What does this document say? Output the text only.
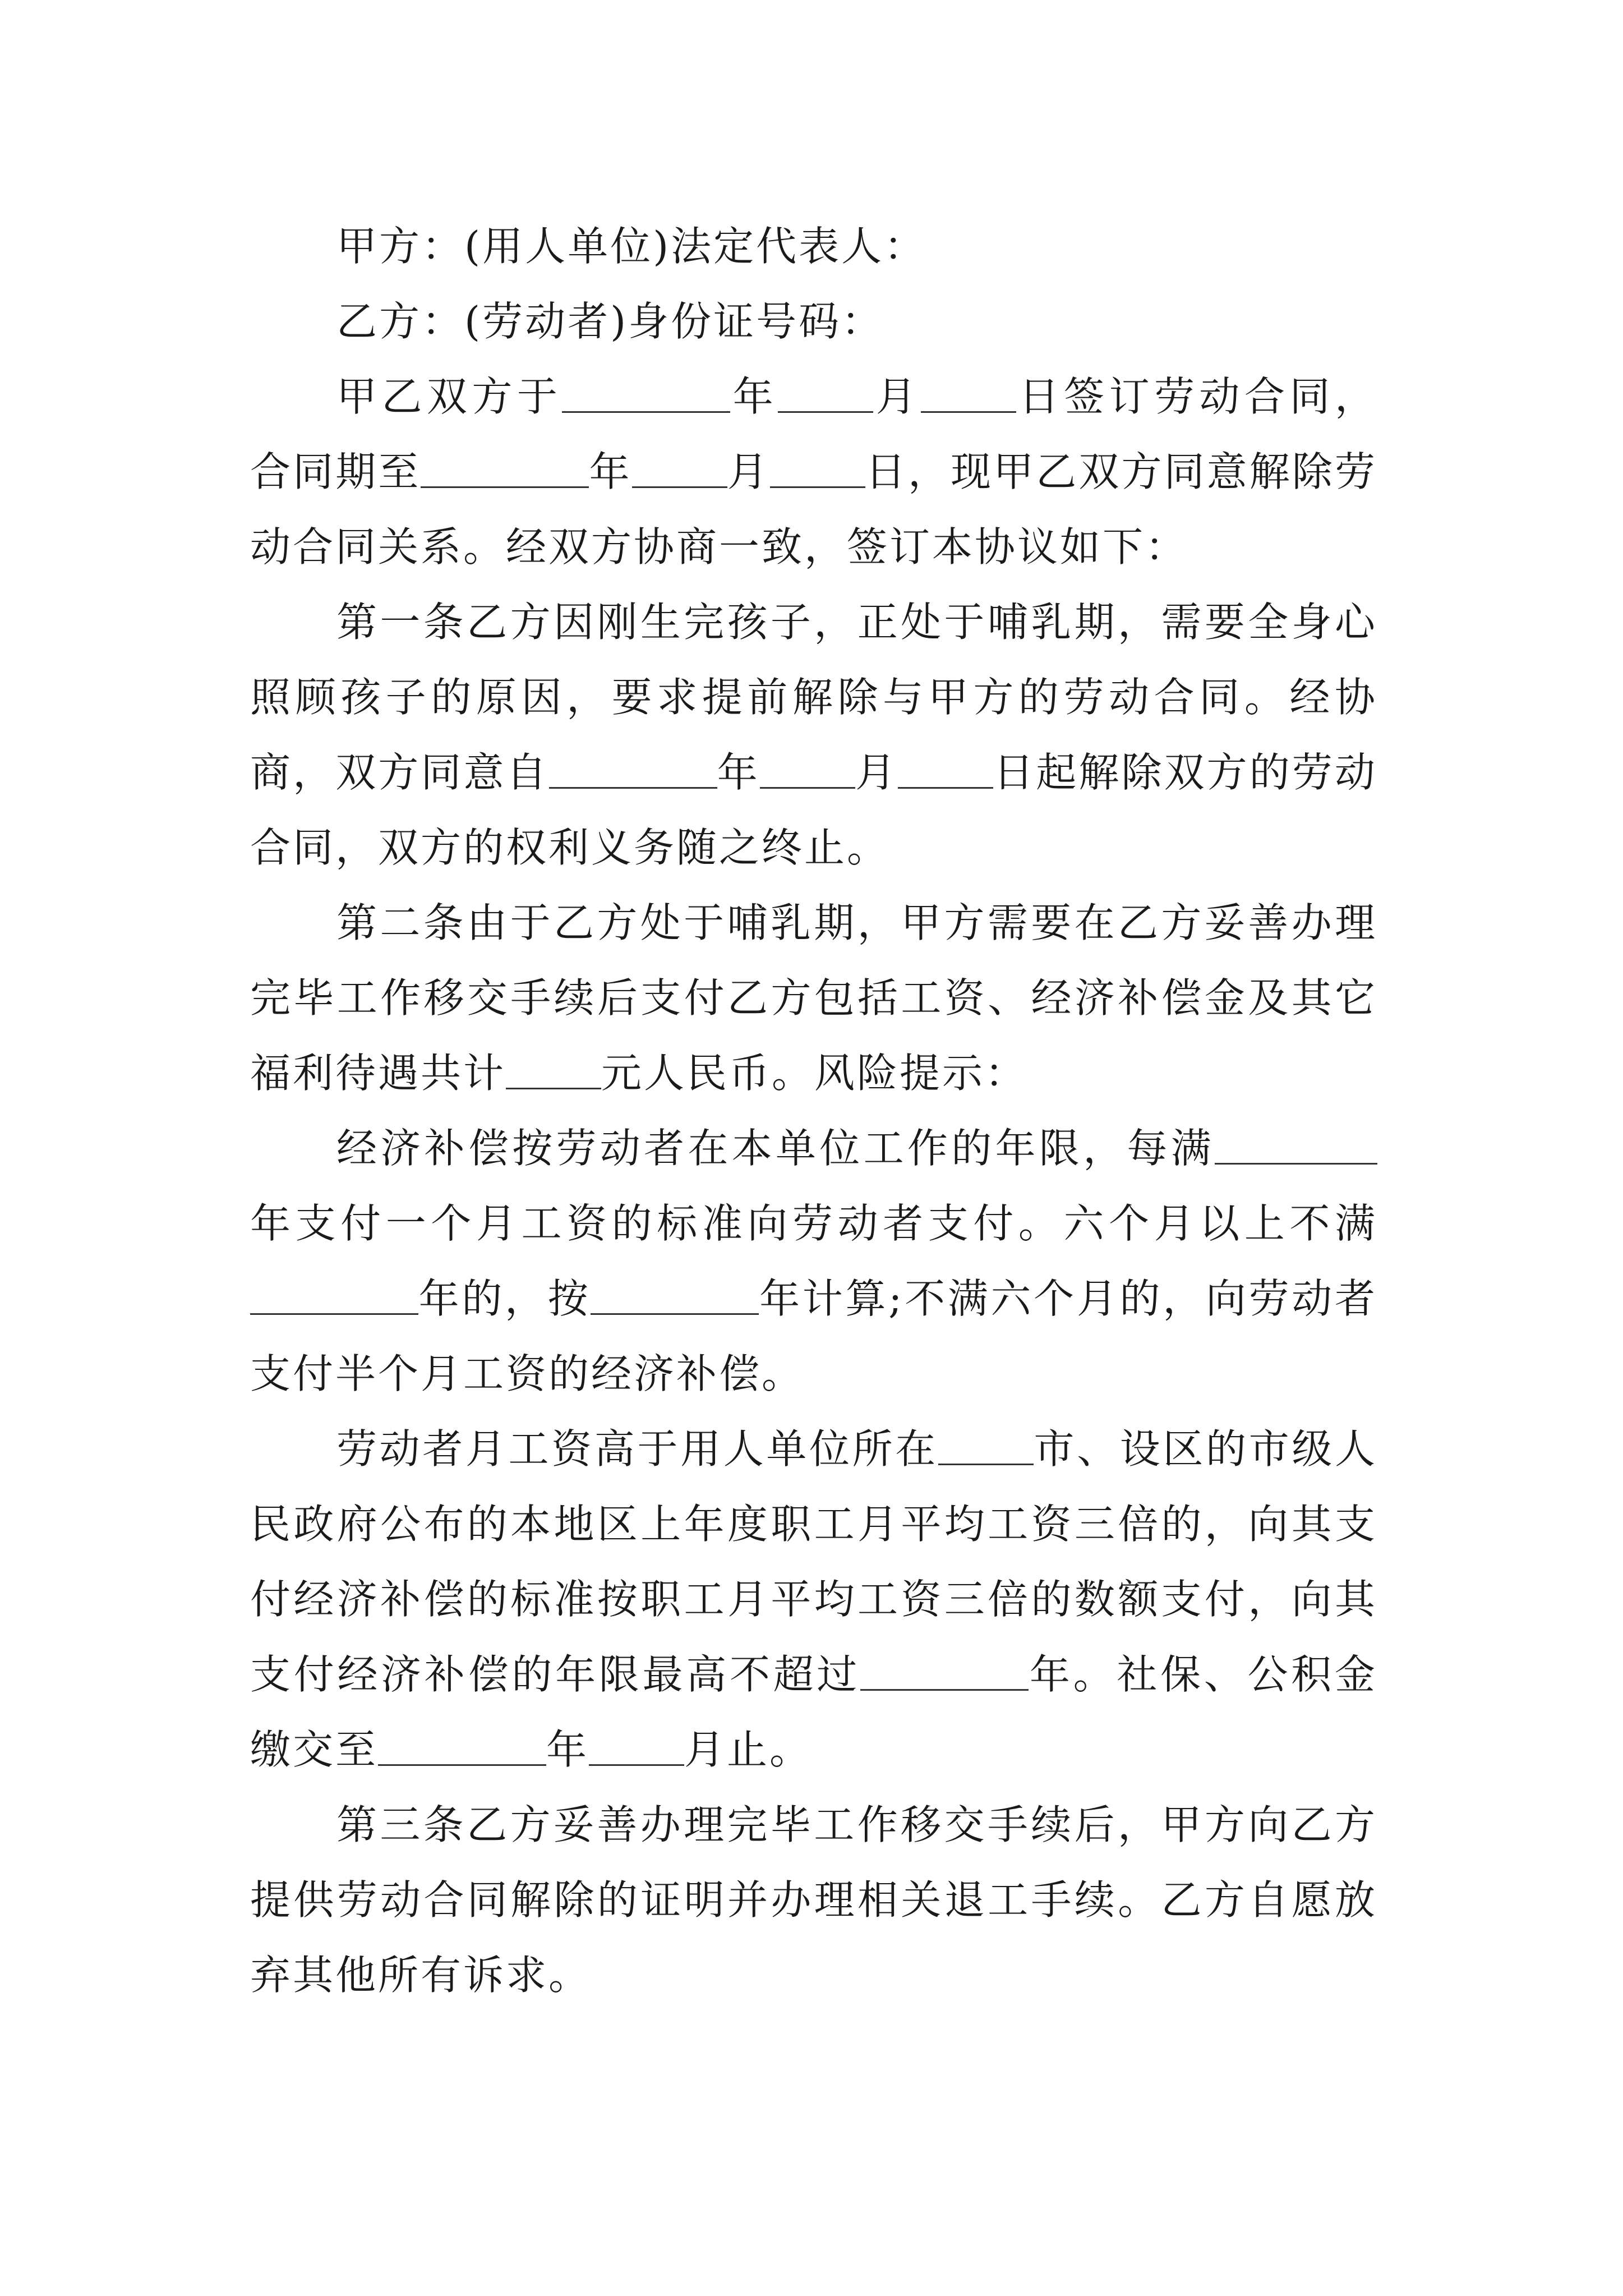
甲方：(用人单位)法定代表人：

乙方：(劳动者)身份证号码：

甲乙双方于	年 月 日签订劳动合同，合同期至	年 月 日，现甲乙双方同意解除劳动合同关系。经双方协商一致，签订本协议如下：

第一条乙方因刚生完孩子，正处于哺乳期，需要全身心照顾孩子的原因，要求提前解除与甲方的劳动合同。经协商，双方同意自	年 月 日起解除双方的劳动合同，双方的权利义务随之终止。

第二条由于乙方处于哺乳期，甲方需要在乙方妥善办理完毕工作移交手续后支付乙方包括工资、经济补偿金及其它福利待遇共计 元人民币。风险提示：

经济补偿按劳动者在本单位工作的年限，每满年支付一个月工资的标准向劳动者支付。六个月以上不满年的，按	年计算;不满六个月的，向劳动者支付半个月工资的经济补偿。

劳动者月工资高于用人单位所在 市、设区的市级人民政府公布的本地区上年度职工月平均工资三倍的，向其支付经济补偿的标准按职工月平均工资三倍的数额支付，向其支付经济补偿的年限最高不超过	年。社保、公积金缴交至	年 月止。

第三条乙方妥善办理完毕工作移交手续后，甲方向乙方提供劳动合同解除的证明并办理相关退工手续。乙方自愿放弃其他所有诉求。
